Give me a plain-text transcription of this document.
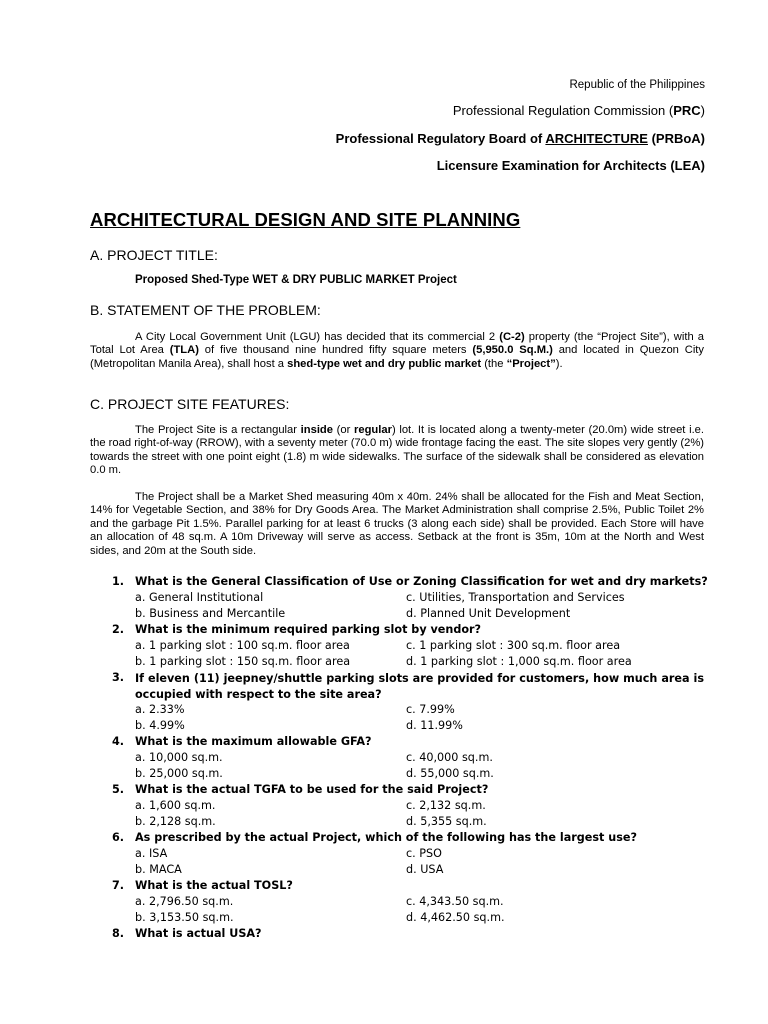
Republic of the Philippines
Professional Regulation Commission (PRC)
Professional Regulatory Board of ARCHITECTURE (PRBoA)
Licensure Examination for Architects (LEA)
ARCHITECTURAL DESIGN AND SITE PLANNING
A. PROJECT TITLE:
Proposed Shed-Type WET & DRY PUBLIC MARKET Project
B. STATEMENT OF THE PROBLEM:
A City Local Government Unit (LGU) has decided that its commercial 2 (C-2) property (the “Project Site”), with a Total Lot Area (TLA) of five thousand nine hundred fifty square meters (5,950.0 Sq.M.) and located in Quezon City (Metropolitan Manila Area), shall host a shed-type wet and dry public market (the “Project”).
C. PROJECT SITE FEATURES:
The Project Site is a rectangular inside (or regular) lot. It is located along a twenty-meter (20.0m) wide street i.e. the road right-of-way (RROW), with a seventy meter (70.0 m) wide frontage facing the east. The site slopes very gently (2%) towards the street with one point eight (1.8) m wide sidewalks. The surface of the sidewalk shall be considered as elevation 0.0 m.
The Project shall be a Market Shed measuring 40m x 40m. 24% shall be allocated for the Fish and Meat Section, 14% for Vegetable Section, and 38% for Dry Goods Area. The Market Administration shall comprise 2.5%, Public Toilet 2% and the garbage Pit 1.5%. Parallel parking for at least 6 trucks (3 along each side) shall be provided. Each Store will have an allocation of 48 sq.m. A 10m Driveway will serve as access. Setback at the front is 35m, 10m at the North and West sides, and 20m at the South side.
1. What is the General Classification of Use or Zoning Classification for wet and dry markets?
a. General Institutional	c. Utilities, Transportation and Services
b. Business and Mercantile	d. Planned Unit Development
2. What is the minimum required parking slot by vendor?
a. 1 parking slot : 100 sq.m. floor area	c. 1 parking slot : 300 sq.m. floor area
b. 1 parking slot : 150 sq.m. floor area	d. 1 parking slot : 1,000 sq.m. floor area
3. If eleven (11) jeepney/shuttle parking slots are provided for customers, how much area is occupied with respect to the site area?
a. 2.33%	c. 7.99%
b. 4.99%	d. 11.99%
4. What is the maximum allowable GFA?
a. 10,000 sq.m.	c. 40,000 sq.m.
b. 25,000 sq.m.	d. 55,000 sq.m.
5. What is the actual TGFA to be used for the said Project?
a. 1,600 sq.m.	c. 2,132 sq.m.
b. 2,128 sq.m.	d. 5,355 sq.m.
6. As prescribed by the actual Project, which of the following has the largest use?
a. ISA	c. PSO
b. MACA	d. USA
7. What is the actual TOSL?
a. 2,796.50 sq.m.	c. 4,343.50 sq.m.
b. 3,153.50 sq.m.	d. 4,462.50 sq.m.
8. What is actual USA?
